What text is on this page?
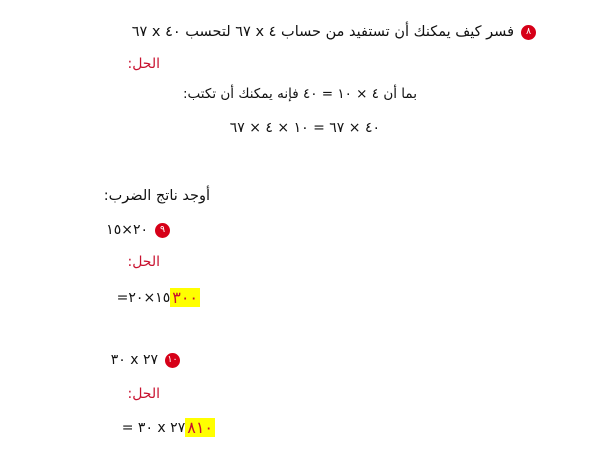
٨
فسر كيف يمكنك أن تستفيد من حساب ٤ x ٦٧ لتحسب ٤٠ x ٦٧
الحل:
بما أن ٤ × ١٠ = ٤٠ فإنه يمكنك أن تكتب:
٤٠ × ٦٧ = ١٠ × ٤ × ٦٧
أوجد ناتج الضرب:
٩
٢٠×١٥
الحل:
٣٠٠
١٥×٢٠=
١٠
٢٧ x ٣٠
الحل:
٨١٠
٢٧ x ٣٠ =
